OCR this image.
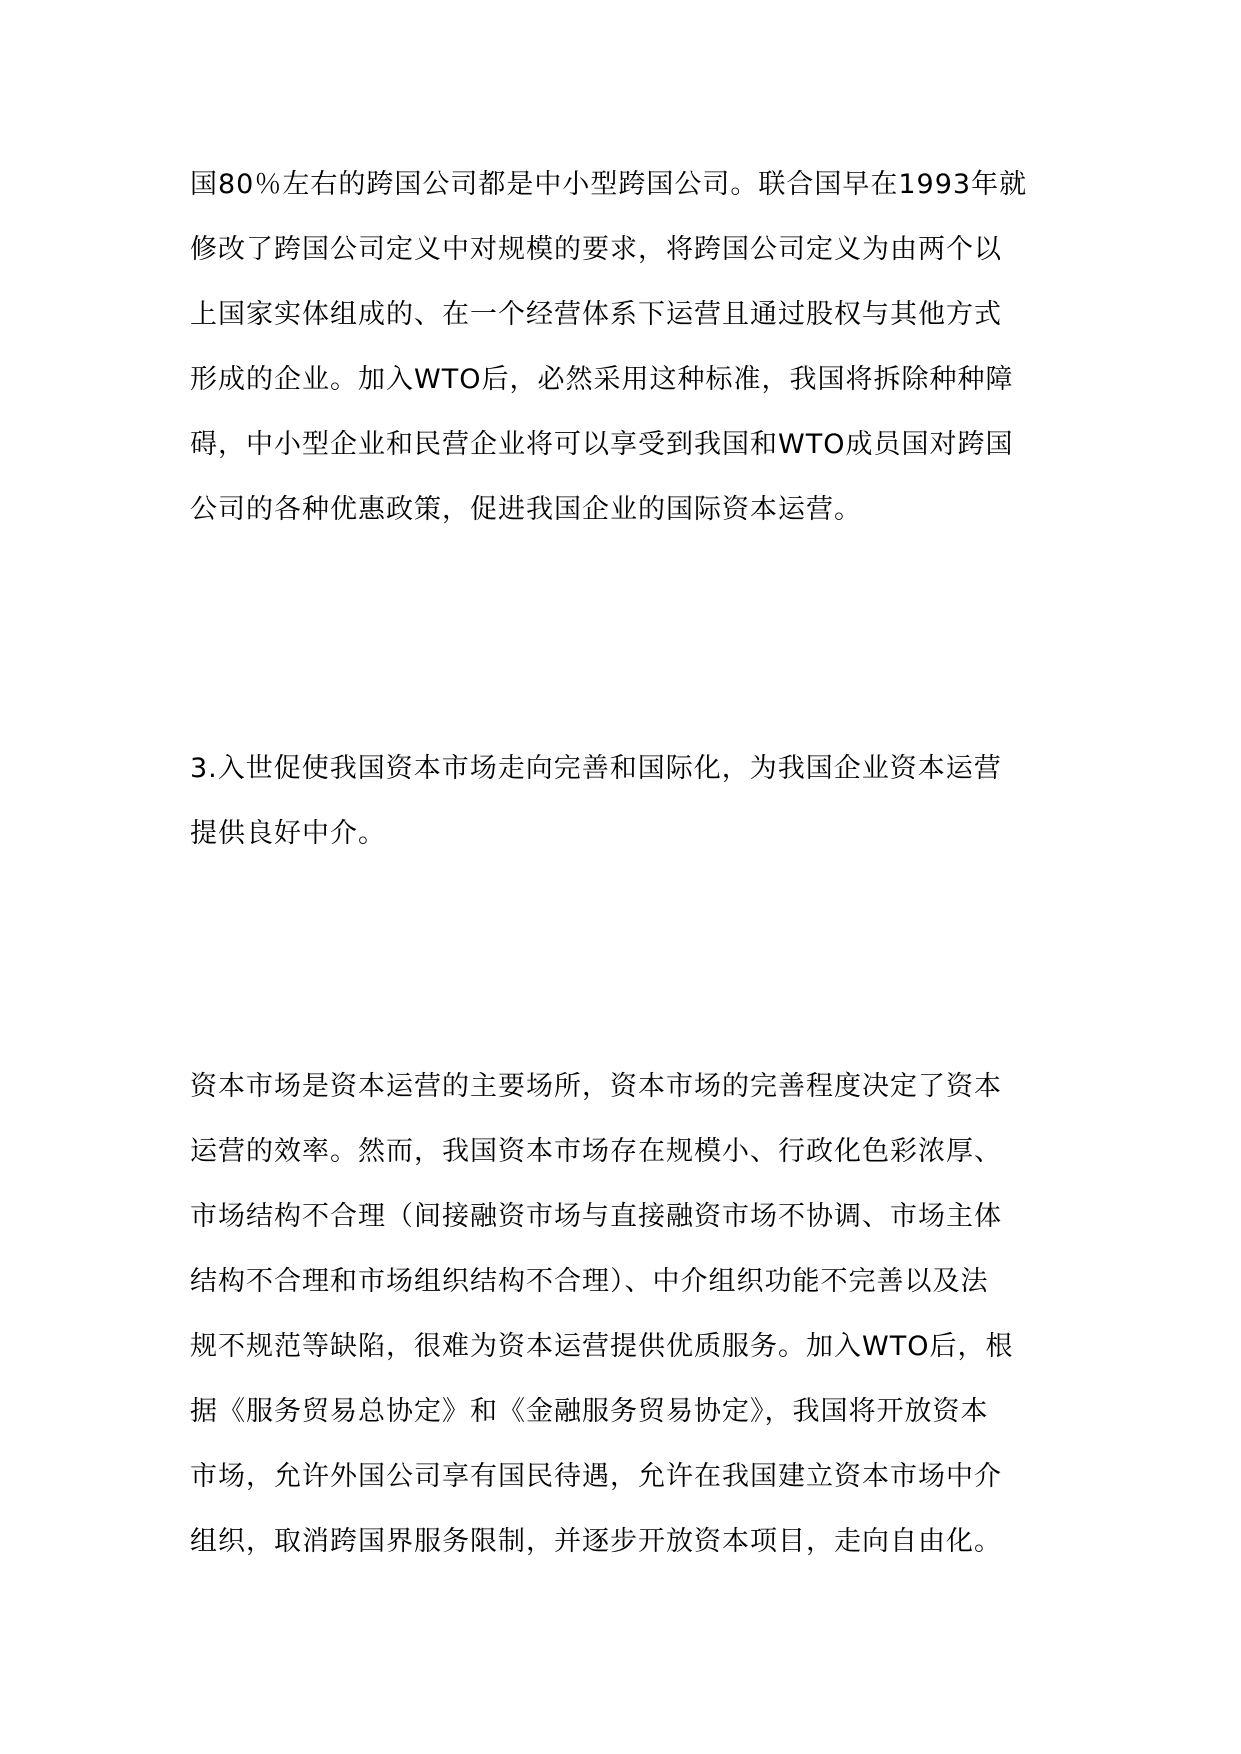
国80％左右的跨国公司都是中小型跨国公司。联合国早在1993年就
修改了跨国公司定义中对规模的要求，将跨国公司定义为由两个以
上国家实体组成的、在一个经营体系下运营且通过股权与其他方式
形成的企业。加入WTO后，必然采用这种标准，我国将拆除种种障
碍，中小型企业和民营企业将可以享受到我国和WTO成员国对跨国
公司的各种优惠政策，促进我国企业的国际资本运营。
3.入世促使我国资本市场走向完善和国际化，为我国企业资本运营
提供良好中介。
资本市场是资本运营的主要场所，资本市场的完善程度决定了资本
运营的效率。然而，我国资本市场存在规模小、行政化色彩浓厚、
市场结构不合理（间接融资市场与直接融资市场不协调、市场主体
结构不合理和市场组织结构不合理）、中介组织功能不完善以及法
规不规范等缺陷，很难为资本运营提供优质服务。加入WTO后，根
据《服务贸易总协定》和《金融服务贸易协定》，我国将开放资本
市场，允许外国公司享有国民待遇，允许在我国建立资本市场中介
组织，取消跨国界服务限制，并逐步开放资本项目，走向自由化。
